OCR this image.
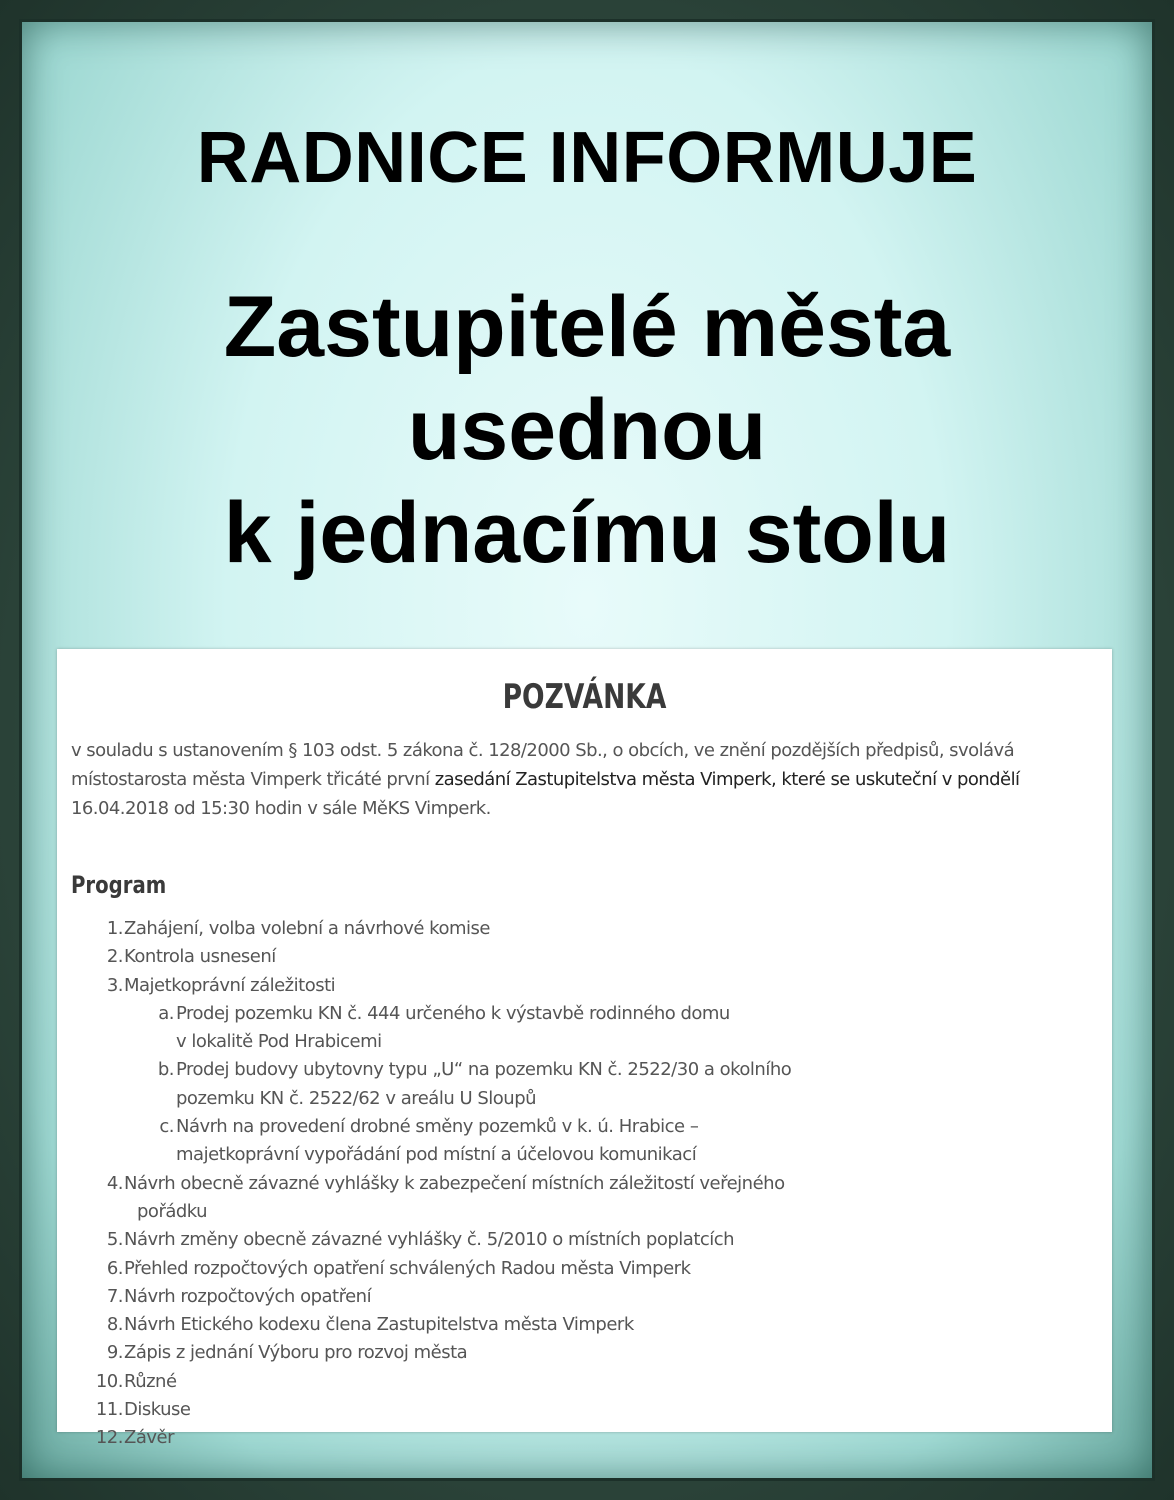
RADNICE INFORMUJE
Zastupitelé města
usednou
k jednacímu stolu
POZVÁNKA

v souladu s ustanovením § 103 odst. 5 zákona č. 128/2000 Sb., o obcích, ve znění pozdějších předpisů, svolává
místostarosta města Vimperk třicáté první zasedání Zastupitelstva města Vimperk, které se uskuteční v pondělí
16.04.2018 od 15:30 hodin v sále MěKS Vimperk.

Program
1. Zahájení, volba volební a návrhové komise
2. Kontrola usnesení
3. Majetkoprávní záležitosti
a. Prodej pozemku KN č. 444 určeného k výstavbě rodinného domu
v lokalitě Pod Hrabicemi
b. Prodej budovy ubytovny typu „U“ na pozemku KN č. 2522/30 a okolního
pozemku KN č. 2522/62 v areálu U Sloupů
c. Návrh na provedení drobné směny pozemků v k. ú. Hrabice –
majetkoprávní vypořádání pod místní a účelovou komunikací
4. Návrh obecně závazné vyhlášky k zabezpečení místních záležitostí veřejného
pořádku
5. Návrh změny obecně závazné vyhlášky č. 5/2010 o místních poplatcích
6. Přehled rozpočtových opatření schválených Radou města Vimperk
7. Návrh rozpočtových opatření
8. Návrh Etického kodexu člena Zastupitelstva města Vimperk
9. Zápis z jednání Výboru pro rozvoj města
10. Různé
11. Diskuse
12. Závěr
